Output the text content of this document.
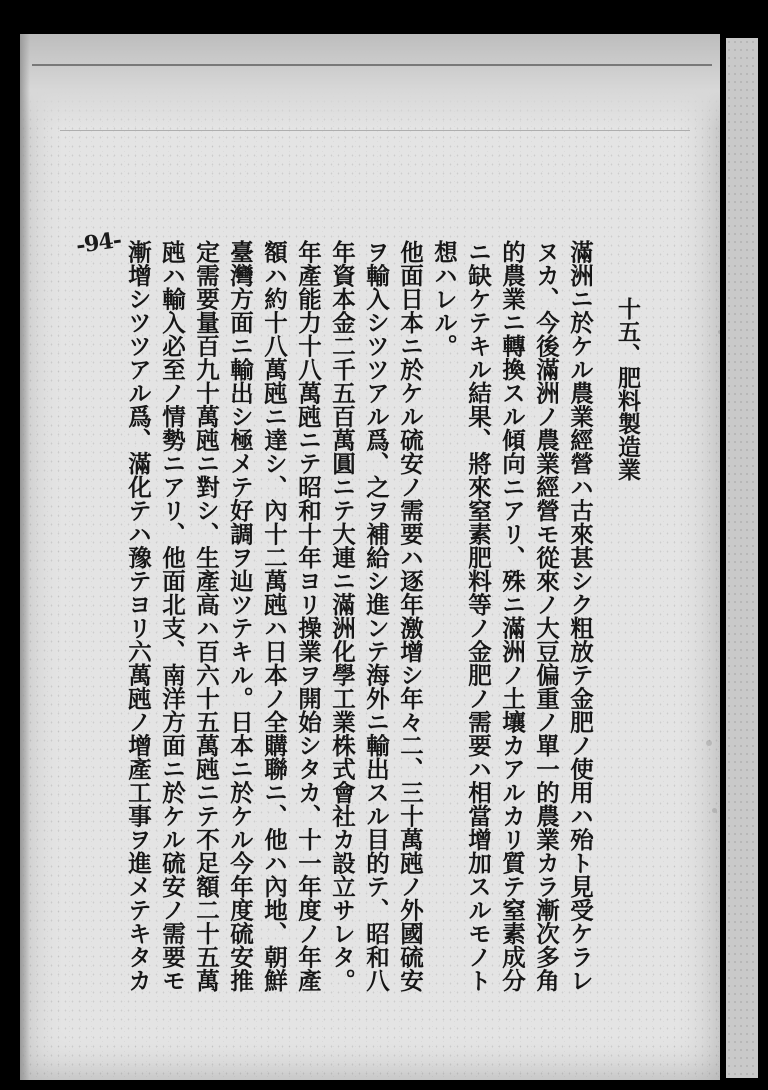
-94-
十五、肥料製造業
滿洲ニ於ケル農業經營ハ古來甚シク粗放テ金肥ノ使用ハ殆ト見受ケラレ
ヌカ、今後滿洲ノ農業經營モ從來ノ大豆偏重ノ單一的農業カラ漸次多角
的農業ニ轉換スル傾向ニアリ、殊ニ滿洲ノ土壤カアルカリ質テ窒素成分
ニ缺ケテキル結果、將來窒素肥料等ノ金肥ノ需要ハ相當增加スルモノト
想ハレル。
他面日本ニ於ケル硫安ノ需要ハ逐年激增シ年々二、三十萬瓲ノ外國硫安
ヲ輸入シツツアル爲、之ヲ補給シ進ンテ海外ニ輸出スル目的テ、昭和八
年資本金二千五百萬圓ニテ大連ニ滿洲化學工業株式會社カ設立サレタ。
年產能力十八萬瓲ニテ昭和十年ヨリ操業ヲ開始シタカ、十一年度ノ年產
額ハ約十八萬瓲ニ達シ、內十二萬瓲ハ日本ノ全購聯ニ、他ハ內地、朝鮮
臺灣方面ニ輸出シ極メテ好調ヲ辿ツテキル。日本ニ於ケル今年度硫安推
定需要量百九十萬瓲ニ對シ、生產高ハ百六十五萬瓲ニテ不足額二十五萬
瓲ハ輸入必至ノ情勢ニアリ、他面北支、南洋方面ニ於ケル硫安ノ需要モ
漸增シツツアル爲、滿化テハ豫テヨリ六萬瓲ノ增產工事ヲ進メテキタカ
